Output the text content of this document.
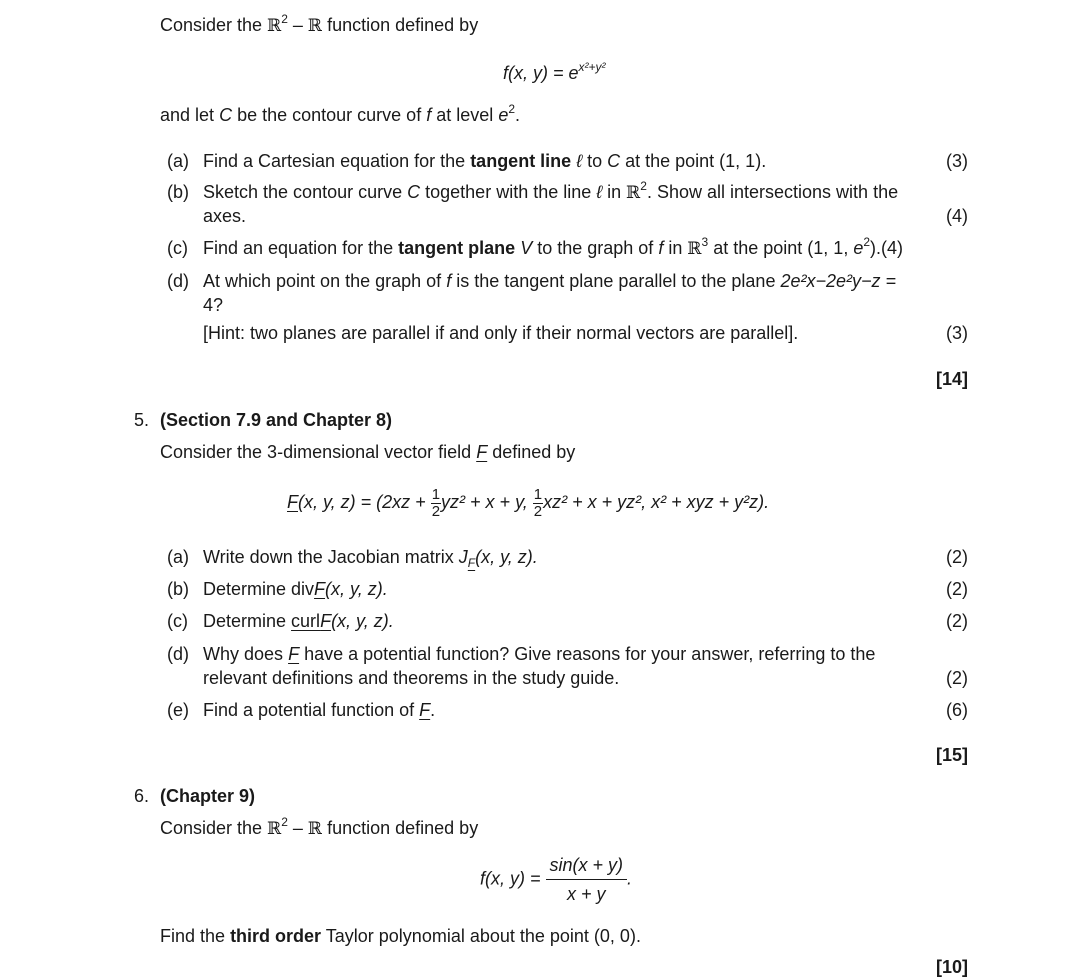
Consider the ℝ$^2$ – ℝ function defined by
f(x, $y) = e^{x^2+y^2}$
and let C be the contour curve of f at level $e^2$.
(a) Find a Cartesian equation for the tangent line ℓ to C at the point (1, 1).	(3)
(b) Sketch the contour curve C together with the line ℓ in ℝ$^2$. Show all intersections with the
axes.	(4)
(c) Find an equation for the tangent plane V to the graph of f in ℝ$^3$ at the point (1, 1, $e^2).(4)$
(d) At which point on the graph of f is the tangent plane parallel to the plane 2e²x−2e²y−z =
4?
[Hint: two planes are parallel if and only if their normal vectors are parallel].	(3)
[14]
5. (Section 7.9 and Chapter 8)
Consider the 3-dimensional vector field F defined by
F(x, y, $z) = (2xz + \frac{1}{2} yz^2 + x + y$, $\frac{1}{2} xz^2 + x + yz^2$, x² + xyz + y²z).
(a) Write down the Jacobian matrix $J_F(x$, y, z).	(2)
(b) Determine divF(x, y, z).	(2)
(c) Determine curlF(x, y, z).	(2)
(d) Why does F have a potential function? Give reasons for your answer, referring to the
relevant definitions and theorems in the study guide.	(2)
(e) Find a potential function of F.	(6)
[15]
6. (Chapter 9)
Consider the ℝ$^2$ – ℝ function defined by
f(x, $y) = \frac{\sin(x + y)}{x + y}$ .
Find the third order Taylor polynomial about the point (0, 0).
[10]
